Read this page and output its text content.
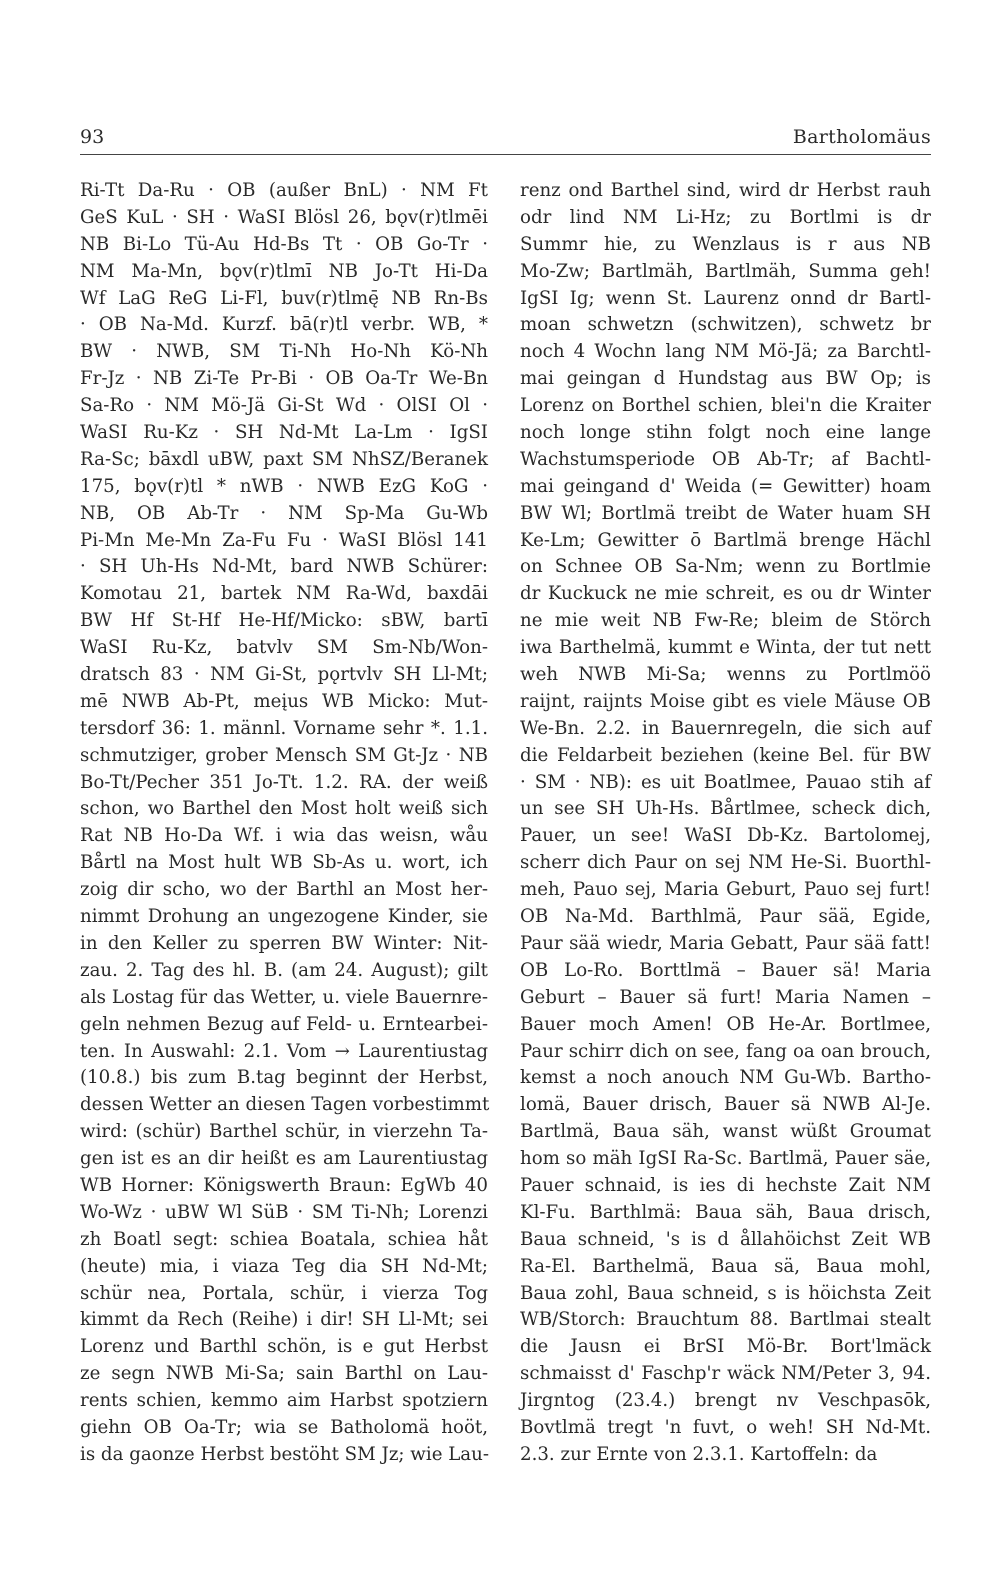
93	Bartholomäus
Ri-Tt Da-Ru · OB (außer BnL) · NM Ft
GeS KuL · SH · WaSI Blösl 26, bǫv(r)tlmēi
NB Bi-Lo Tü-Au Hd-Bs Tt · OB Go-Tr ·
NM Ma-Mn, bǫv(r)tlmī NB Jo-Tt Hi-Da
Wf LaG ReG Li-Fl, buv(r)tlmę̄ NB Rn-Bs
· OB Na-Md. Kurzf. bā(r)tl verbr. WB, *
BW · NWB, SM Ti-Nh Ho-Nh Kö-Nh
Fr-Jz · NB Zi-Te Pr-Bi · OB Oa-Tr We-Bn
Sa-Ro · NM Mö-Jä Gi-St Wd · OlSI Ol ·
WaSI Ru-Kz · SH Nd-Mt La-Lm · IgSI
Ra-Sc; bāxdl uBW, paxt SM NhSZ/Beranek
175, bǫv(r)tl * nWB · NWB EzG KoG ·
NB, OB Ab-Tr · NM Sp-Ma Gu-Wb
Pi-Mn Me-Mn Za-Fu Fu · WaSI Blösl 141
· SH Uh-Hs Nd-Mt, bard NWB Schürer:
Komotau 21, bartek NM Ra-Wd, baxdāi
BW Hf St-Hf He-Hf/Micko: sBW, bartī
WaSI Ru-Kz, batvlv SM Sm-Nb/Won-
dratsch 83 · NM Gi-St, pǫrtvlv SH Ll-Mt;
mē NWB Ab-Pt, meįus WB Micko: Mut-
tersdorf 36: 1. männl. Vorname sehr *. 1.1.
schmutziger, grober Mensch SM Gt-Jz · NB
Bo-Tt/Pecher 351 Jo-Tt. 1.2. RA. der weiß
schon, wo Barthel den Most holt weiß sich
Rat NB Ho-Da Wf. i wia das weisn, wåu
Bårtl na Most hult WB Sb-As u. wort, ich
zoig dir scho, wo der Barthl an Most her-
nimmt Drohung an ungezogene Kinder, sie
in den Keller zu sperren BW Winter: Nit-
zau. 2. Tag des hl. B. (am 24. August); gilt
als Lostag für das Wetter, u. viele Bauernre-
geln nehmen Bezug auf Feld- u. Erntearbei-
ten. In Auswahl: 2.1. Vom → Laurentiustag
(10.8.) bis zum B.tag beginnt der Herbst,
dessen Wetter an diesen Tagen vorbestimmt
wird: (schür) Barthel schür, in vierzehn Ta-
gen ist es an dir heißt es am Laurentiustag
WB Horner: Königswerth Braun: EgWb 40
Wo-Wz · uBW Wl SüB · SM Ti-Nh; Lorenzi
zh Boatl segt: schiea Boatala, schiea håt
(heute) mia, i viaza Teg dia SH Nd-Mt;
schür nea, Portala, schür, i vierza Tog
kimmt da Rech (Reihe) i dir! SH Ll-Mt; sei
Lorenz und Barthl schön, is e gut Herbst
ze segn NWB Mi-Sa; sain Barthl on Lau-
rents schien, kemmo aim Harbst spotziern
giehn OB Oa-Tr; wia se Batholomä hoöt,
is da gaonze Herbst bestöht SM Jz; wie Lau-
renz ond Barthel sind, wird dr Herbst rauh
odr lind NM Li-Hz; zu Bortlmi is dr
Summr hie, zu Wenzlaus is r aus NB
Mo-Zw; Bartlmäh, Bartlmäh, Summa geh!
IgSI Ig; wenn St. Laurenz onnd dr Bartl-
moan schwetzn (schwitzen), schwetz br
noch 4 Wochn lang NM Mö-Jä; za Barchtl-
mai geingan d Hundstag aus BW Op; is
Lorenz on Borthel schien, blei'n die Kraiter
noch longe stihn folgt noch eine lange
Wachstumsperiode OB Ab-Tr; af Bachtl-
mai geingand d' Weida (= Gewitter) hoam
BW Wl; Bortlmä treibt de Water huam SH
Ke-Lm; Gewitter ō Bartlmä brenge Hächl
on Schnee OB Sa-Nm; wenn zu Bortlmie
dr Kuckuck ne mie schreit, es ou dr Winter
ne mie weit NB Fw-Re; bleim de Störch
iwa Barthelmä, kummt e Winta, der tut nett
weh NWB Mi-Sa; wenns zu Portlmöö
raijnt, raijnts Moise gibt es viele Mäuse OB
We-Bn. 2.2. in Bauernregeln, die sich auf
die Feldarbeit beziehen (keine Bel. für BW
· SM · NB): es uit Boatlmee, Pauao stih af
un see SH Uh-Hs. Bårtlmee, scheck dich,
Pauer, un see! WaSI Db-Kz. Bartolomej,
scherr dich Paur on sej NM He-Si. Buorthl-
meh, Pauo sej, Maria Geburt, Pauo sej furt!
OB Na-Md. Barthlmä, Paur sää, Egide,
Paur sää wiedr, Maria Gebatt, Paur sää fatt!
OB Lo-Ro. Borttlmä – Bauer sä! Maria
Geburt – Bauer sä furt! Maria Namen –
Bauer moch Amen! OB He-Ar. Bortlmee,
Paur schirr dich on see, fang oa oan brouch,
kemst a noch anouch NM Gu-Wb. Bartho-
lomä, Bauer drisch, Bauer sä NWB Al-Je.
Bartlmä, Baua säh, wanst wüßt Groumat
hom so mäh IgSI Ra-Sc. Bartlmä, Pauer säe,
Pauer schnaid, is ies di hechste Zait NM
Kl-Fu. Barthlmä: Baua säh, Baua drisch,
Baua schneid, 's is d ållahöichst Zeit WB
Ra-El. Barthelmä, Baua sä, Baua mohl,
Baua zohl, Baua schneid, s is höichsta Zeit
WB/Storch: Brauchtum 88. Bartlmai stealt
die Jausn ei BrSI Mö-Br. Bort'lmäck
schmaisst d' Faschp'r wäck NM/Peter 3, 94.
Jirgntog (23.4.) brengt nv Veschpasōk,
Bovtlmä tregt 'n fuvt, o weh! SH Nd-Mt.
2.3. zur Ernte von 2.3.1. Kartoffeln: da
